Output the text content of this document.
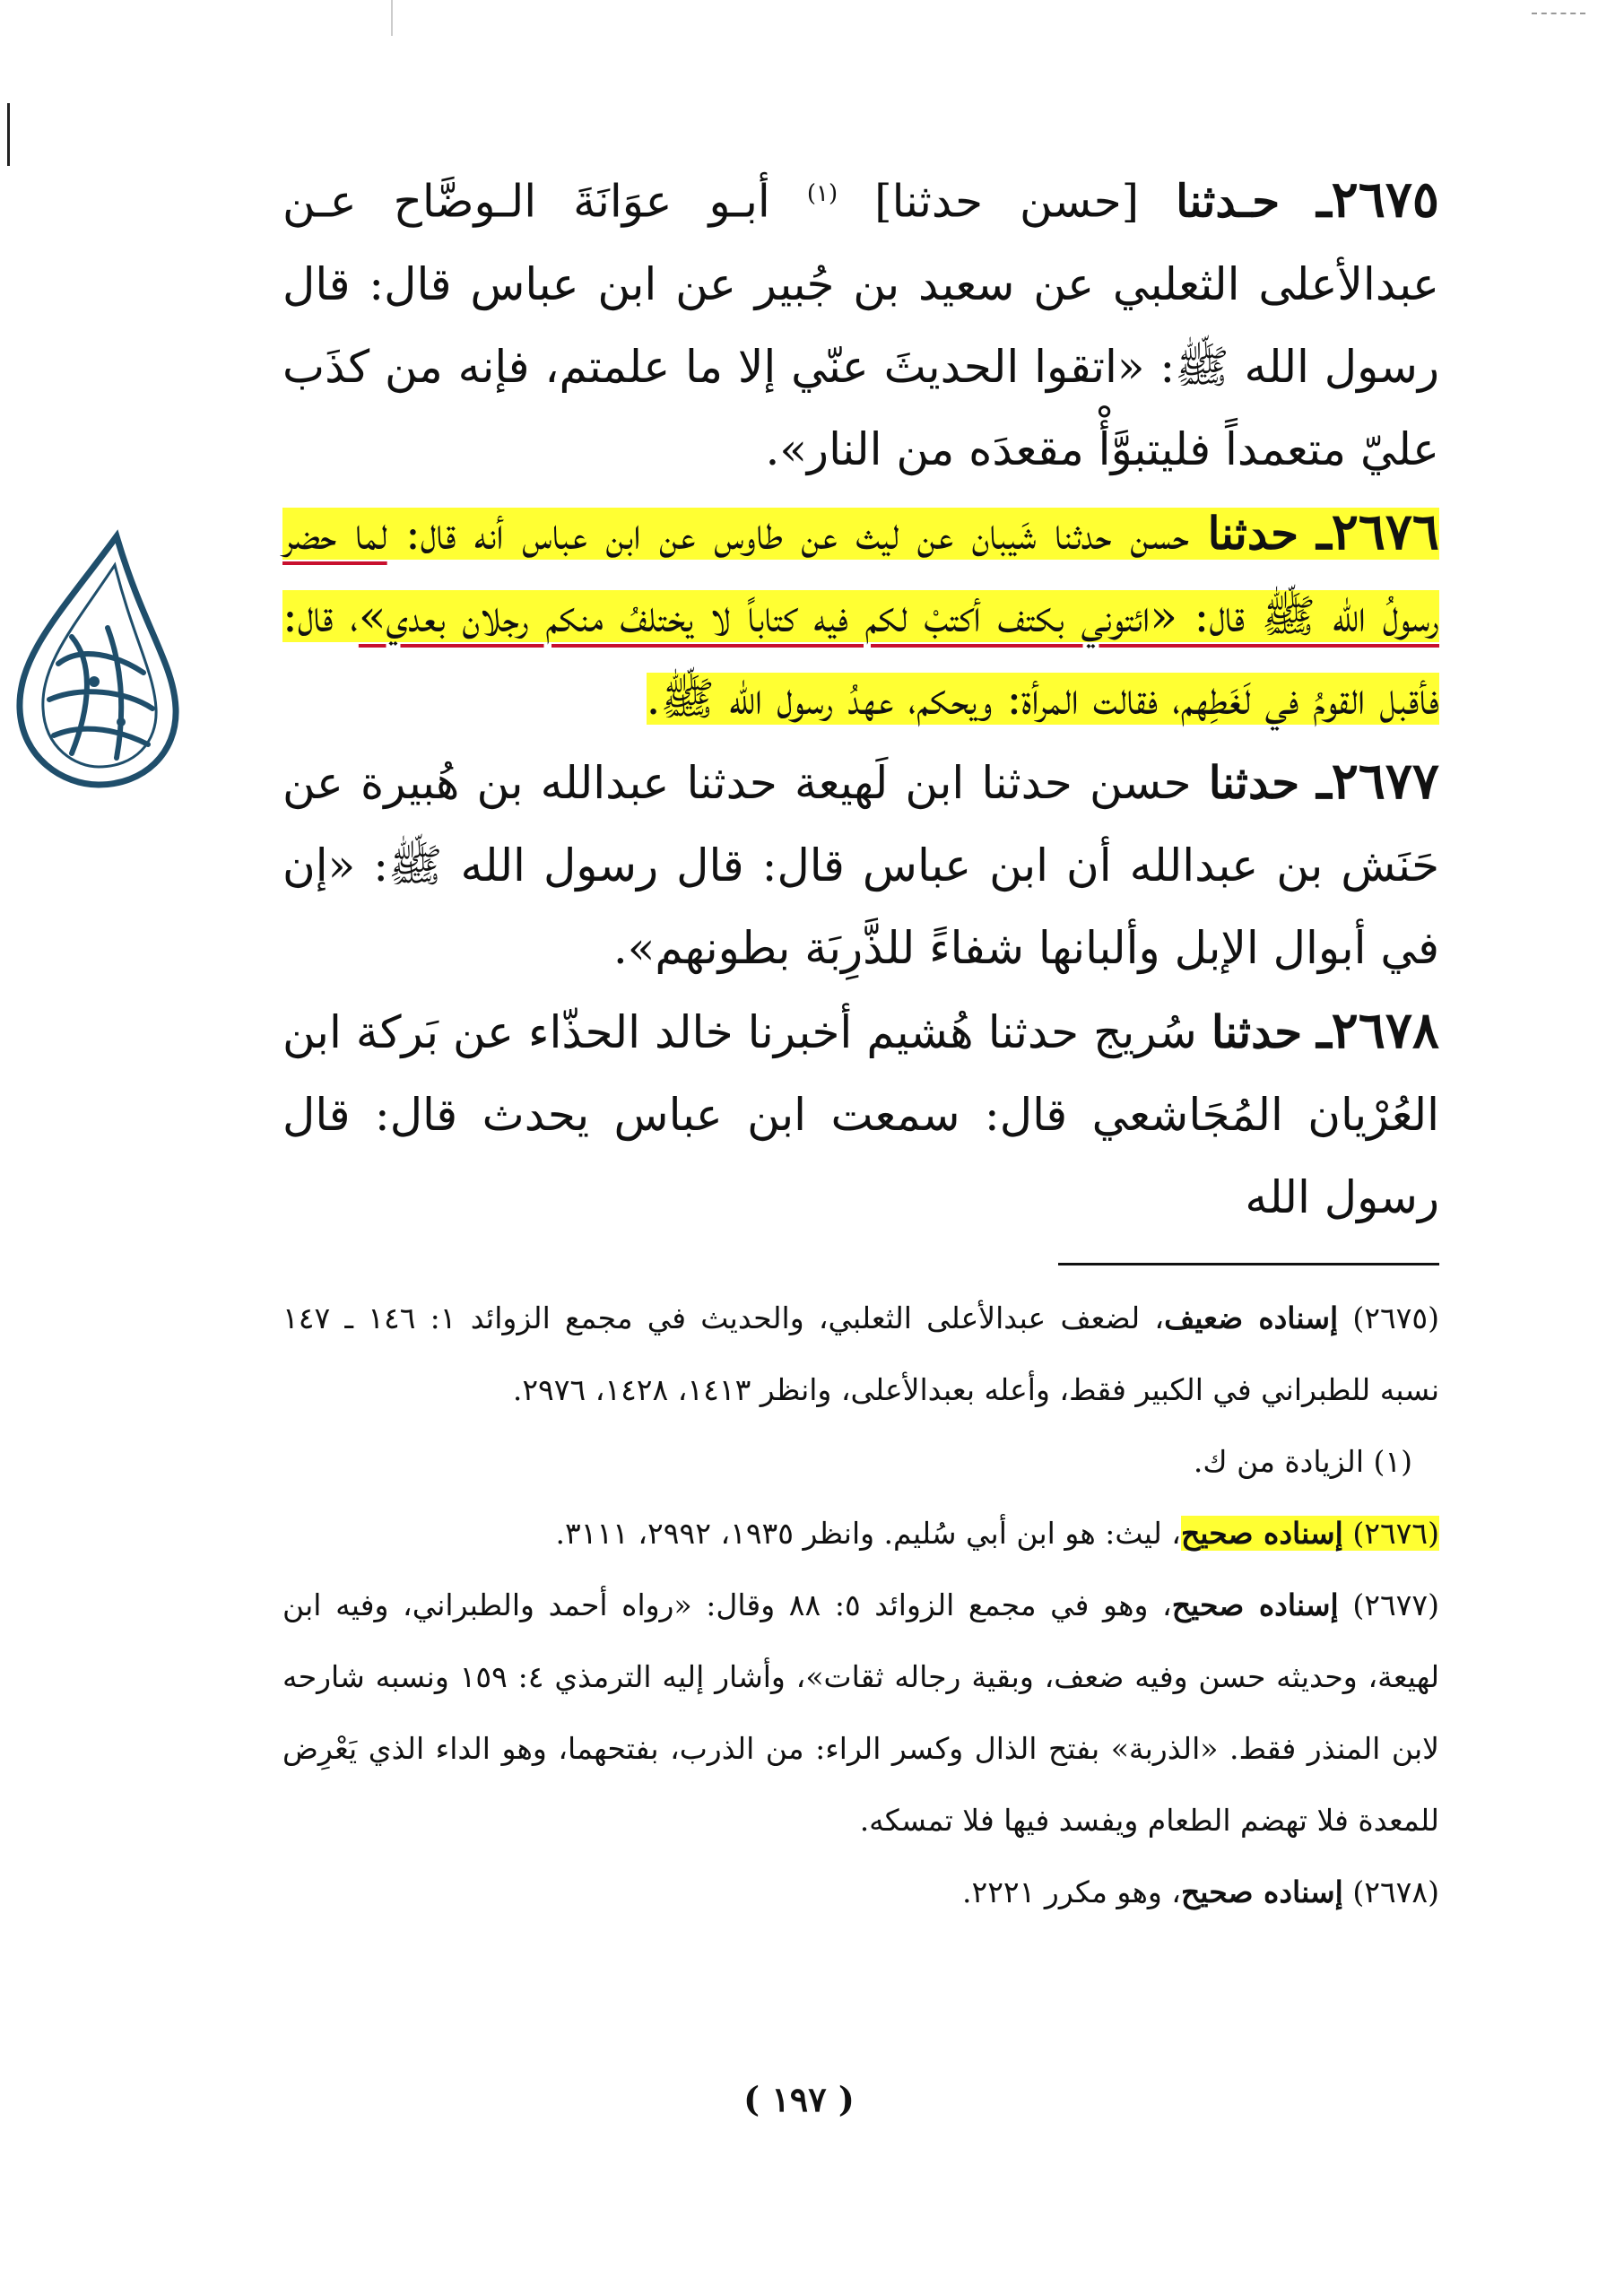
٢٦٧٥ـ حـدثنا [حسن حدثنا] $^{(١)}$ أبـو عوَانَةَ الـوضَّاح عـن عبدالأعلى الثعلبي عن سعيد بن جُبير عن ابن عباس قال: قال رسول الله ﷺ: «اتقوا الحديثَ عنّي إلا ما علمتم، فإنه من كذَب عليّ متعمداً فليتبوَّأْ مقعدَه من النار».

٢٦٧٦ـ حدثنا حسن حدثنا شَيبان عن ليث عن طاوس عن ابن عباس أنه قال: لما حضر رسولُ الله ﷺ قال: «ائتوني بكتف أكتبْ لكم فيه كتاباً لا يختلفُ منكم رجلان بعدي»، قال: فأقبل القومُ في لَغَطِهم، فقالت المرأة: ويحكم، عهدُ رسول الله ﷺ.

٢٦٧٧ـ حدثنا حسن حدثنا ابن لَهيعة حدثنا عبدالله بن هُبيرة عن حَنَش بن عبدالله أن ابن عباس قال: قال رسول الله ﷺ: «إن في أبوال الإبل وألبانها شفاءً للذَّرِبَة بطونهم».

٢٦٧٨ـ حدثنا سُريج حدثنا هُشيم أخبرنا خالد الحذّاء عن بَركة ابن العُرْيان المُجَاشعي قال: سمعت ابن عباس يحدث قال: قال رسول الله

(٢٦٧٥) إسناده ضعيف، لضعف عبدالأعلى الثعلبي، والحديث في مجمع الزوائد ١: ١٤٦ ـ ١٤٧ نسبه للطبراني في الكبير فقط، وأعله بعبدالأعلى، وانظر ١٤١٣، ١٤٢٨، ٢٩٧٦.

(١) الزيادة من ك.

(٢٦٧٦) إسناده صحيح، ليث: هو ابن أبي سُليم. وانظر ١٩٣٥، ٢٩٩٢، ٣١١١.

(٢٦٧٧) إسناده صحيح، وهو في مجمع الزوائد ٥: ٨٨ وقال: «رواه أحمد والطبراني، وفيه ابن لهيعة، وحديثه حسن وفيه ضعف، وبقية رجاله ثقات»، وأشار إليه الترمذي ٤: ١٥٩ ونسبه شارحه لابن المنذر فقط. «الذربة» بفتح الذال وكسر الراء: من الذرب، بفتحهما، وهو الداء الذي يَعْرِض للمعدة فلا تهضم الطعام ويفسد فيها فلا تمسكه.

(٢٦٧٨) إسناده صحيح، وهو مكرر ٢٢٢١.

( ١٩٧ )
